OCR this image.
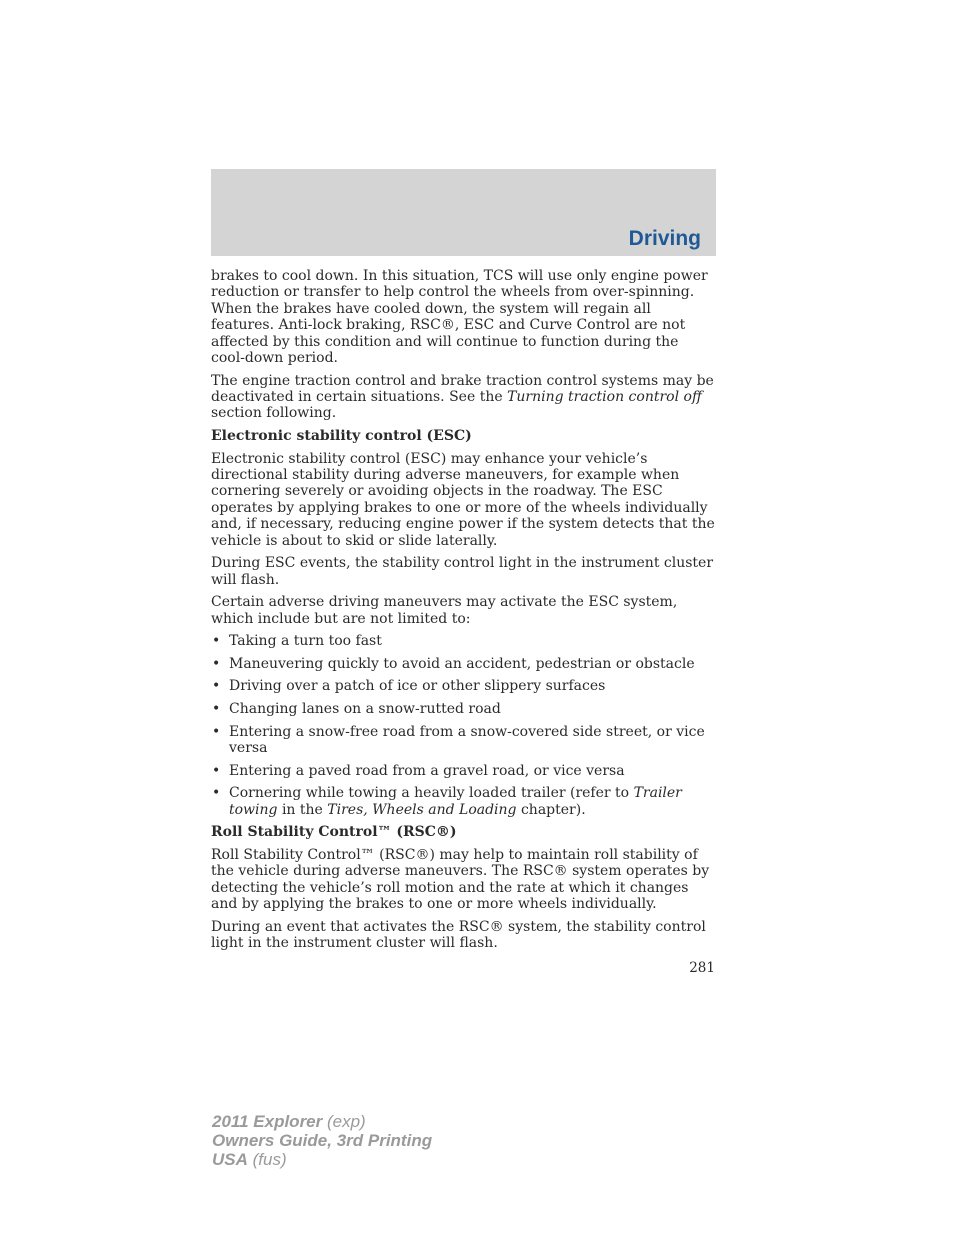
Driving

brakes to cool down. In this situation, TCS will use only engine power reduction or transfer to help control the wheels from over-spinning. When the brakes have cooled down, the system will regain all features. Anti-lock braking, RSC®, ESC and Curve Control are not affected by this condition and will continue to function during the cool-down period.

The engine traction control and brake traction control systems may be deactivated in certain situations. See the Turning traction control off section following.

Electronic stability control (ESC)

Electronic stability control (ESC) may enhance your vehicle’s directional stability during adverse maneuvers, for example when cornering severely or avoiding objects in the roadway. The ESC operates by applying brakes to one or more of the wheels individually and, if necessary, reducing engine power if the system detects that the vehicle is about to skid or slide laterally.

During ESC events, the stability control light in the instrument cluster will flash.

Certain adverse driving maneuvers may activate the ESC system, which include but are not limited to:

• Taking a turn too fast
• Maneuvering quickly to avoid an accident, pedestrian or obstacle
• Driving over a patch of ice or other slippery surfaces
• Changing lanes on a snow-rutted road
• Entering a snow-free road from a snow-covered side street, or vice versa
• Entering a paved road from a gravel road, or vice versa
• Cornering while towing a heavily loaded trailer (refer to Trailer towing in the Tires, Wheels and Loading chapter).
Roll Stability Control™ (RSC®)

Roll Stability Control™ (RSC®) may help to maintain roll stability of the vehicle during adverse maneuvers. The RSC® system operates by detecting the vehicle’s roll motion and the rate at which it changes and by applying the brakes to one or more wheels individually.

During an event that activates the RSC® system, the stability control light in the instrument cluster will flash.

281
2011 Explorer (exp)
Owners Guide, 3rd Printing
USA (fus)
